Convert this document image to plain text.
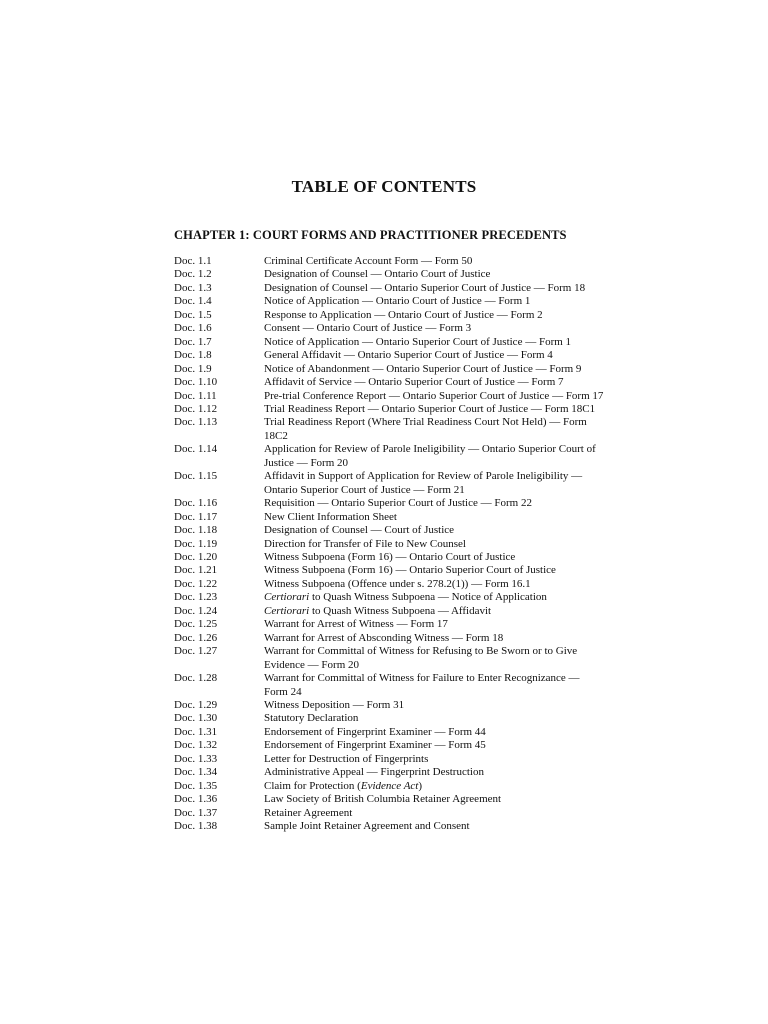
TABLE OF CONTENTS
CHAPTER 1: COURT FORMS AND PRACTITIONER PRECEDENTS
Doc. 1.1	Criminal Certificate Account Form — Form 50
Doc. 1.2	Designation of Counsel — Ontario Court of Justice
Doc. 1.3	Designation of Counsel — Ontario Superior Court of Justice — Form 18
Doc. 1.4	Notice of Application — Ontario Court of Justice — Form 1
Doc. 1.5	Response to Application — Ontario Court of Justice — Form 2
Doc. 1.6	Consent — Ontario Court of Justice — Form 3
Doc. 1.7	Notice of Application — Ontario Superior Court of Justice — Form 1
Doc. 1.8	General Affidavit — Ontario Superior Court of Justice — Form 4
Doc. 1.9	Notice of Abandonment — Ontario Superior Court of Justice — Form 9
Doc. 1.10	Affidavit of Service — Ontario Superior Court of Justice — Form 7
Doc. 1.11	Pre-trial Conference Report — Ontario Superior Court of Justice — Form 17
Doc. 1.12	Trial Readiness Report — Ontario Superior Court of Justice — Form 18C1
Doc. 1.13	Trial Readiness Report (Where Trial Readiness Court Not Held) — Form 18C2
Doc. 1.14	Application for Review of Parole Ineligibility — Ontario Superior Court of Justice — Form 20
Doc. 1.15	Affidavit in Support of Application for Review of Parole Ineligibility — Ontario Superior Court of Justice — Form 21
Doc. 1.16	Requisition — Ontario Superior Court of Justice — Form 22
Doc. 1.17	New Client Information Sheet
Doc. 1.18	Designation of Counsel — Court of Justice
Doc. 1.19	Direction for Transfer of File to New Counsel
Doc. 1.20	Witness Subpoena (Form 16) — Ontario Court of Justice
Doc. 1.21	Witness Subpoena (Form 16) — Ontario Superior Court of Justice
Doc. 1.22	Witness Subpoena (Offence under s. 278.2(1)) — Form 16.1
Doc. 1.23	Certiorari to Quash Witness Subpoena — Notice of Application
Doc. 1.24	Certiorari to Quash Witness Subpoena — Affidavit
Doc. 1.25	Warrant for Arrest of Witness — Form 17
Doc. 1.26	Warrant for Arrest of Absconding Witness — Form 18
Doc. 1.27	Warrant for Committal of Witness for Refusing to Be Sworn or to Give Evidence — Form 20
Doc. 1.28	Warrant for Committal of Witness for Failure to Enter Recognizance — Form 24
Doc. 1.29	Witness Deposition — Form 31
Doc. 1.30	Statutory Declaration
Doc. 1.31	Endorsement of Fingerprint Examiner — Form 44
Doc. 1.32	Endorsement of Fingerprint Examiner — Form 45
Doc. 1.33	Letter for Destruction of Fingerprints
Doc. 1.34	Administrative Appeal — Fingerprint Destruction
Doc. 1.35	Claim for Protection (Evidence Act)
Doc. 1.36	Law Society of British Columbia Retainer Agreement
Doc. 1.37	Retainer Agreement
Doc. 1.38	Sample Joint Retainer Agreement and Consent
